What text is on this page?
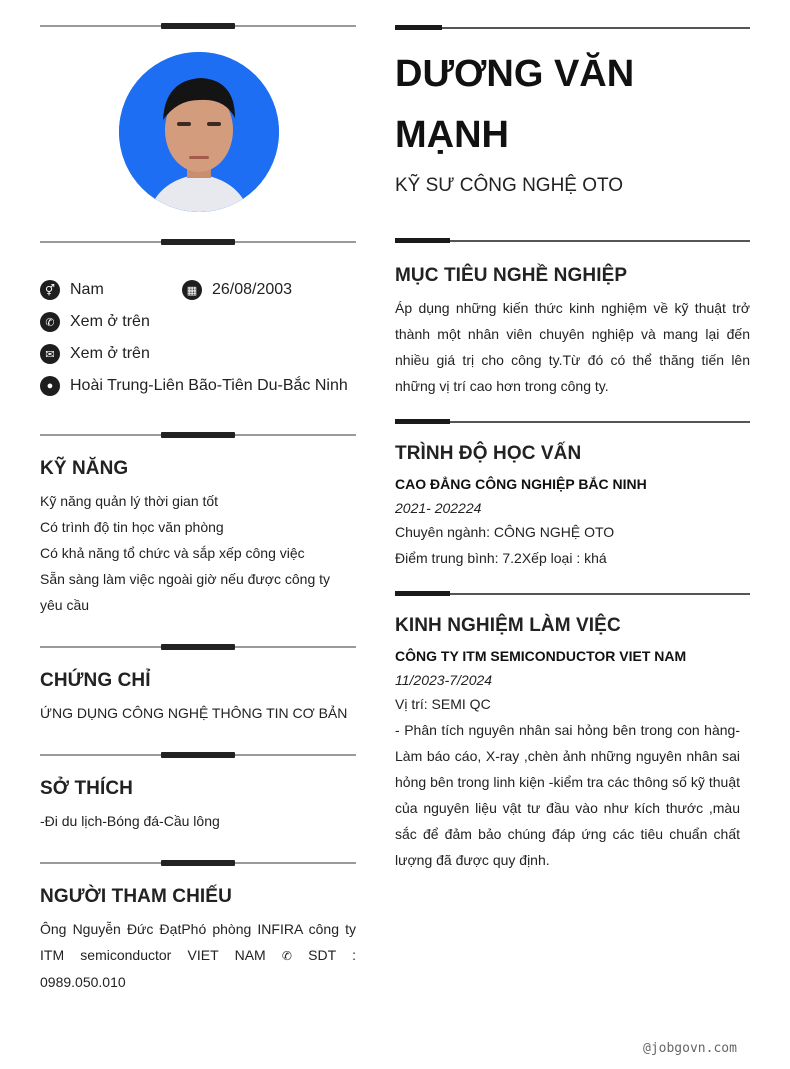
⚥ Nam	▦ 26/08/2003
✆ Xem ở trên
✉ Xem ở trên
●	Hoài Trung-Liên Bão-Tiên Du-Bắc Ninh
KỸ NĂNG
Kỹ năng quản lý thời gian tốt
Có trình độ tin học văn phòng
Có khả năng tổ chức và sắp xếp công việc
Sẵn sàng làm việc ngoài giờ nếu được công ty yêu cầu
CHỨNG CHỈ
ỨNG DỤNG CÔNG NGHỆ THÔNG TIN CƠ BẢN
SỞ THÍCH
-Đi du lịch-Bóng đá-Cầu lông
NGƯỜI THAM CHIẾU
Ông Nguyễn Đức ĐạtPhó phòng INFIRA công ty ITM semiconductor VIET NAM ✆ SDT : 0989.050.010
DƯƠNG VĂN MẠNH
KỸ SƯ CÔNG NGHỆ OTO
MỤC TIÊU NGHỀ NGHIỆP
Áp dụng những kiến thức kinh nghiệm về kỹ thuật trở thành một nhân viên chuyên nghiệp và mang lại đến nhiều giá trị cho công ty.Từ đó có thể thăng tiến lên những vị trí cao hơn trong công ty.
TRÌNH ĐỘ HỌC VẤN
CAO ĐẲNG CÔNG NGHIỆP BẮC NINH
2021- 202224
Chuyên ngành: CÔNG NGHỆ OTO
Điểm trung bình: 7.2Xếp loại : khá
KINH NGHIỆM LÀM VIỆC
CÔNG TY ITM SEMICONDUCTOR VIET NAM
11/2023-7/2024
Vị trí: SEMI QC
- Phân tích nguyên nhân sai hỏng bên trong con hàng-Làm báo cáo, X-ray ,chèn ảnh những nguyên nhân sai hỏng bên trong linh kiện -kiểm tra các thông số kỹ thuật của nguyên liệu vật tư đầu vào như kích thước ,màu sắc để đảm bảo chúng đáp ứng các tiêu chuẩn chất lượng đã được quy định.
@jobgovn.com
